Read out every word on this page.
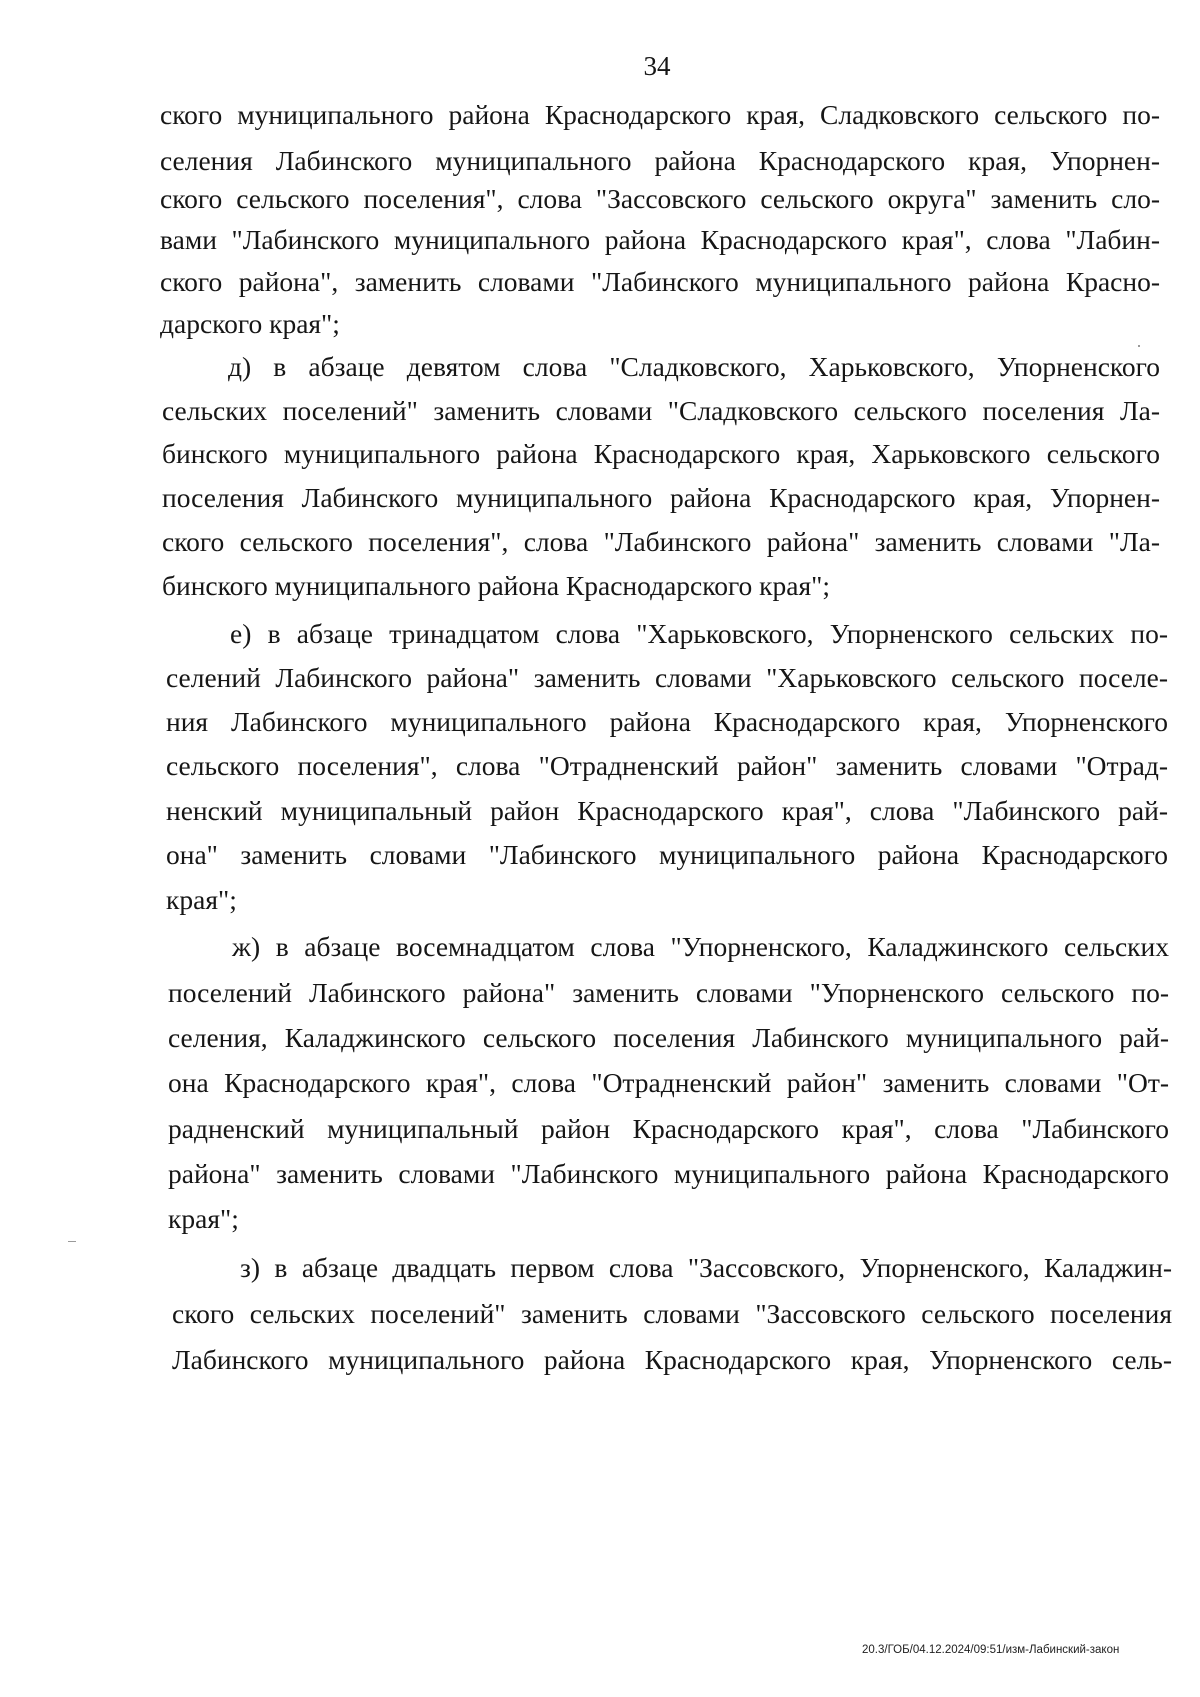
34
ского муниципального района Краснодарского края, Сладковского сельского по-
селения Лабинского муниципального района Краснодарского края, Упорнен-
ского сельского поселения", слова "Зассовского сельского округа" заменить сло-
вами "Лабинского муниципального района Краснодарского края", слова "Лабин-
ского района", заменить словами "Лабинского муниципального района Красно-
дарского края";
д) в абзаце девятом слова "Сладковского, Харьковского, Упорненского
сельских поселений" заменить словами "Сладковского сельского поселения Ла-
бинского муниципального района Краснодарского края, Харьковского сельского
поселения Лабинского муниципального района Краснодарского края, Упорнен-
ского сельского поселения", слова "Лабинского района" заменить словами "Ла-
бинского муниципального района Краснодарского края";
е) в абзаце тринадцатом слова "Харьковского, Упорненского сельских по-
селений Лабинского района" заменить словами "Харьковского сельского поселе-
ния Лабинского муниципального района Краснодарского края, Упорненского
сельского поселения", слова "Отрадненский район" заменить словами "Отрад-
ненский муниципальный район Краснодарского края", слова "Лабинского рай-
она" заменить словами "Лабинского муниципального района Краснодарского
края";
ж) в абзаце восемнадцатом слова "Упорненского, Каладжинского сельских
поселений Лабинского района" заменить словами "Упорненского сельского по-
селения, Каладжинского сельского поселения Лабинского муниципального рай-
она Краснодарского края", слова "Отрадненский район" заменить словами "От-
радненский муниципальный район Краснодарского края", слова "Лабинского
района" заменить словами "Лабинского муниципального района Краснодарского
края";
з) в абзаце двадцать первом слова "Зассовского, Упорненского, Каладжин-
ского сельских поселений" заменить словами "Зассовского сельского поселения
Лабинского муниципального района Краснодарского края, Упорненского сель-
20.3/ГОБ/04.12.2024/09:51/изм-Лабинский-закон
